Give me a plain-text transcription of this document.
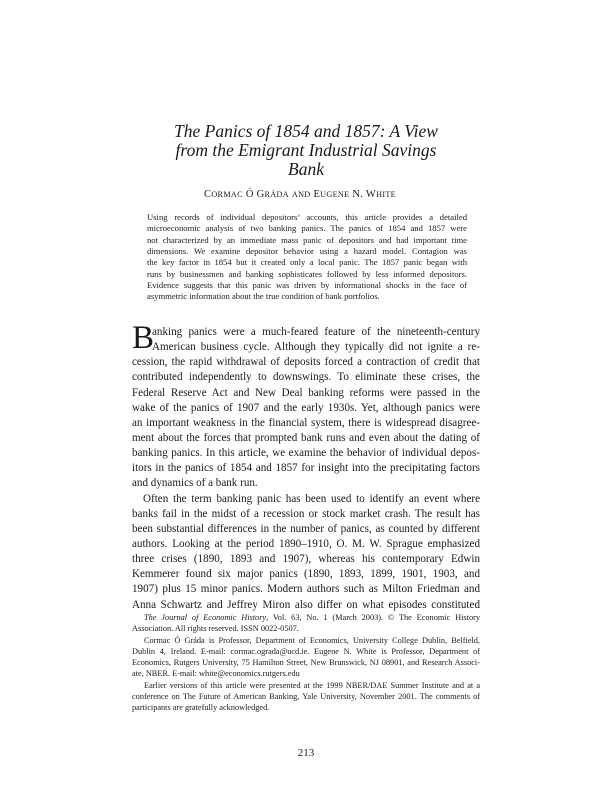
The Panics of 1854 and 1857: A View
from the Emigrant Industrial Savings
Bank
CORMAC Ó GRÁDA AND EUGENE N. WHITE
Using records of individual depositors’ accounts, this article provides a detailed
microeconomic analysis of two banking panics. The panics of 1854 and 1857 were
not characterized by an immediate mass panic of depositors and had important time
dimensions. We examine depositor behavior using a hazard model. Contagion was
the key factor in 1854 but it created only a local panic. The 1857 panic began with
runs by businessmen and banking sophisticates followed by less informed depositors.
Evidence suggests that this panic was driven by informational shocks in the face of
asymmetric information about the true condition of bank portfolios.
B
anking panics were a much-feared feature of the nineteenth-century
American business cycle. Although they typically did not ignite a re-
cession, the rapid withdrawal of deposits forced a contraction of credit that
contributed independently to downswings. To eliminate these crises, the
Federal Reserve Act and New Deal banking reforms were passed in the
wake of the panics of 1907 and the early 1930s. Yet, although panics were
an important weakness in the financial system, there is widespread disagree-
ment about the forces that prompted bank runs and even about the dating of
banking panics. In this article, we examine the behavior of individual depos-
itors in the panics of 1854 and 1857 for insight into the precipitating factors
and dynamics of a bank run.
Often the term banking panic has been used to identify an event where
banks fail in the midst of a recession or stock market crash. The result has
been substantial differences in the number of panics, as counted by different
authors. Looking at the period 1890–1910, O. M. W. Sprague emphasized
three crises (1890, 1893 and 1907), whereas his contemporary Edwin
Kemmerer found six major panics (1890, 1893, 1899, 1901, 1903, and
1907) plus 15 minor panics. Modern authors such as Milton Friedman and
Anna Schwartz and Jeffrey Miron also differ on what episodes constituted
The Journal of Economic History, Vol. 63, No. 1 (March 2003). © The Economic History
Association. All rights reserved. ISSN 0022-0507.
Cormac Ó Gráda is Professor, Department of Economics, University College Dublin, Belfield,
Dublin 4, Ireland. E-mail: cormac.ograda@ucd.ie. Eugene N. White is Professor, Department of
Economics, Rutgers University, 75 Hamilton Street, New Brunswick, NJ 08901, and Research Associ-
ate, NBER. E-mail: white@economics.rutgers.edu
Earlier versions of this article were presented at the 1999 NBER/DAE Summer Institute and at a
conference on The Future of American Banking, Yale University, November 2001. The comments of
participants are gratefully acknowledged.
213
